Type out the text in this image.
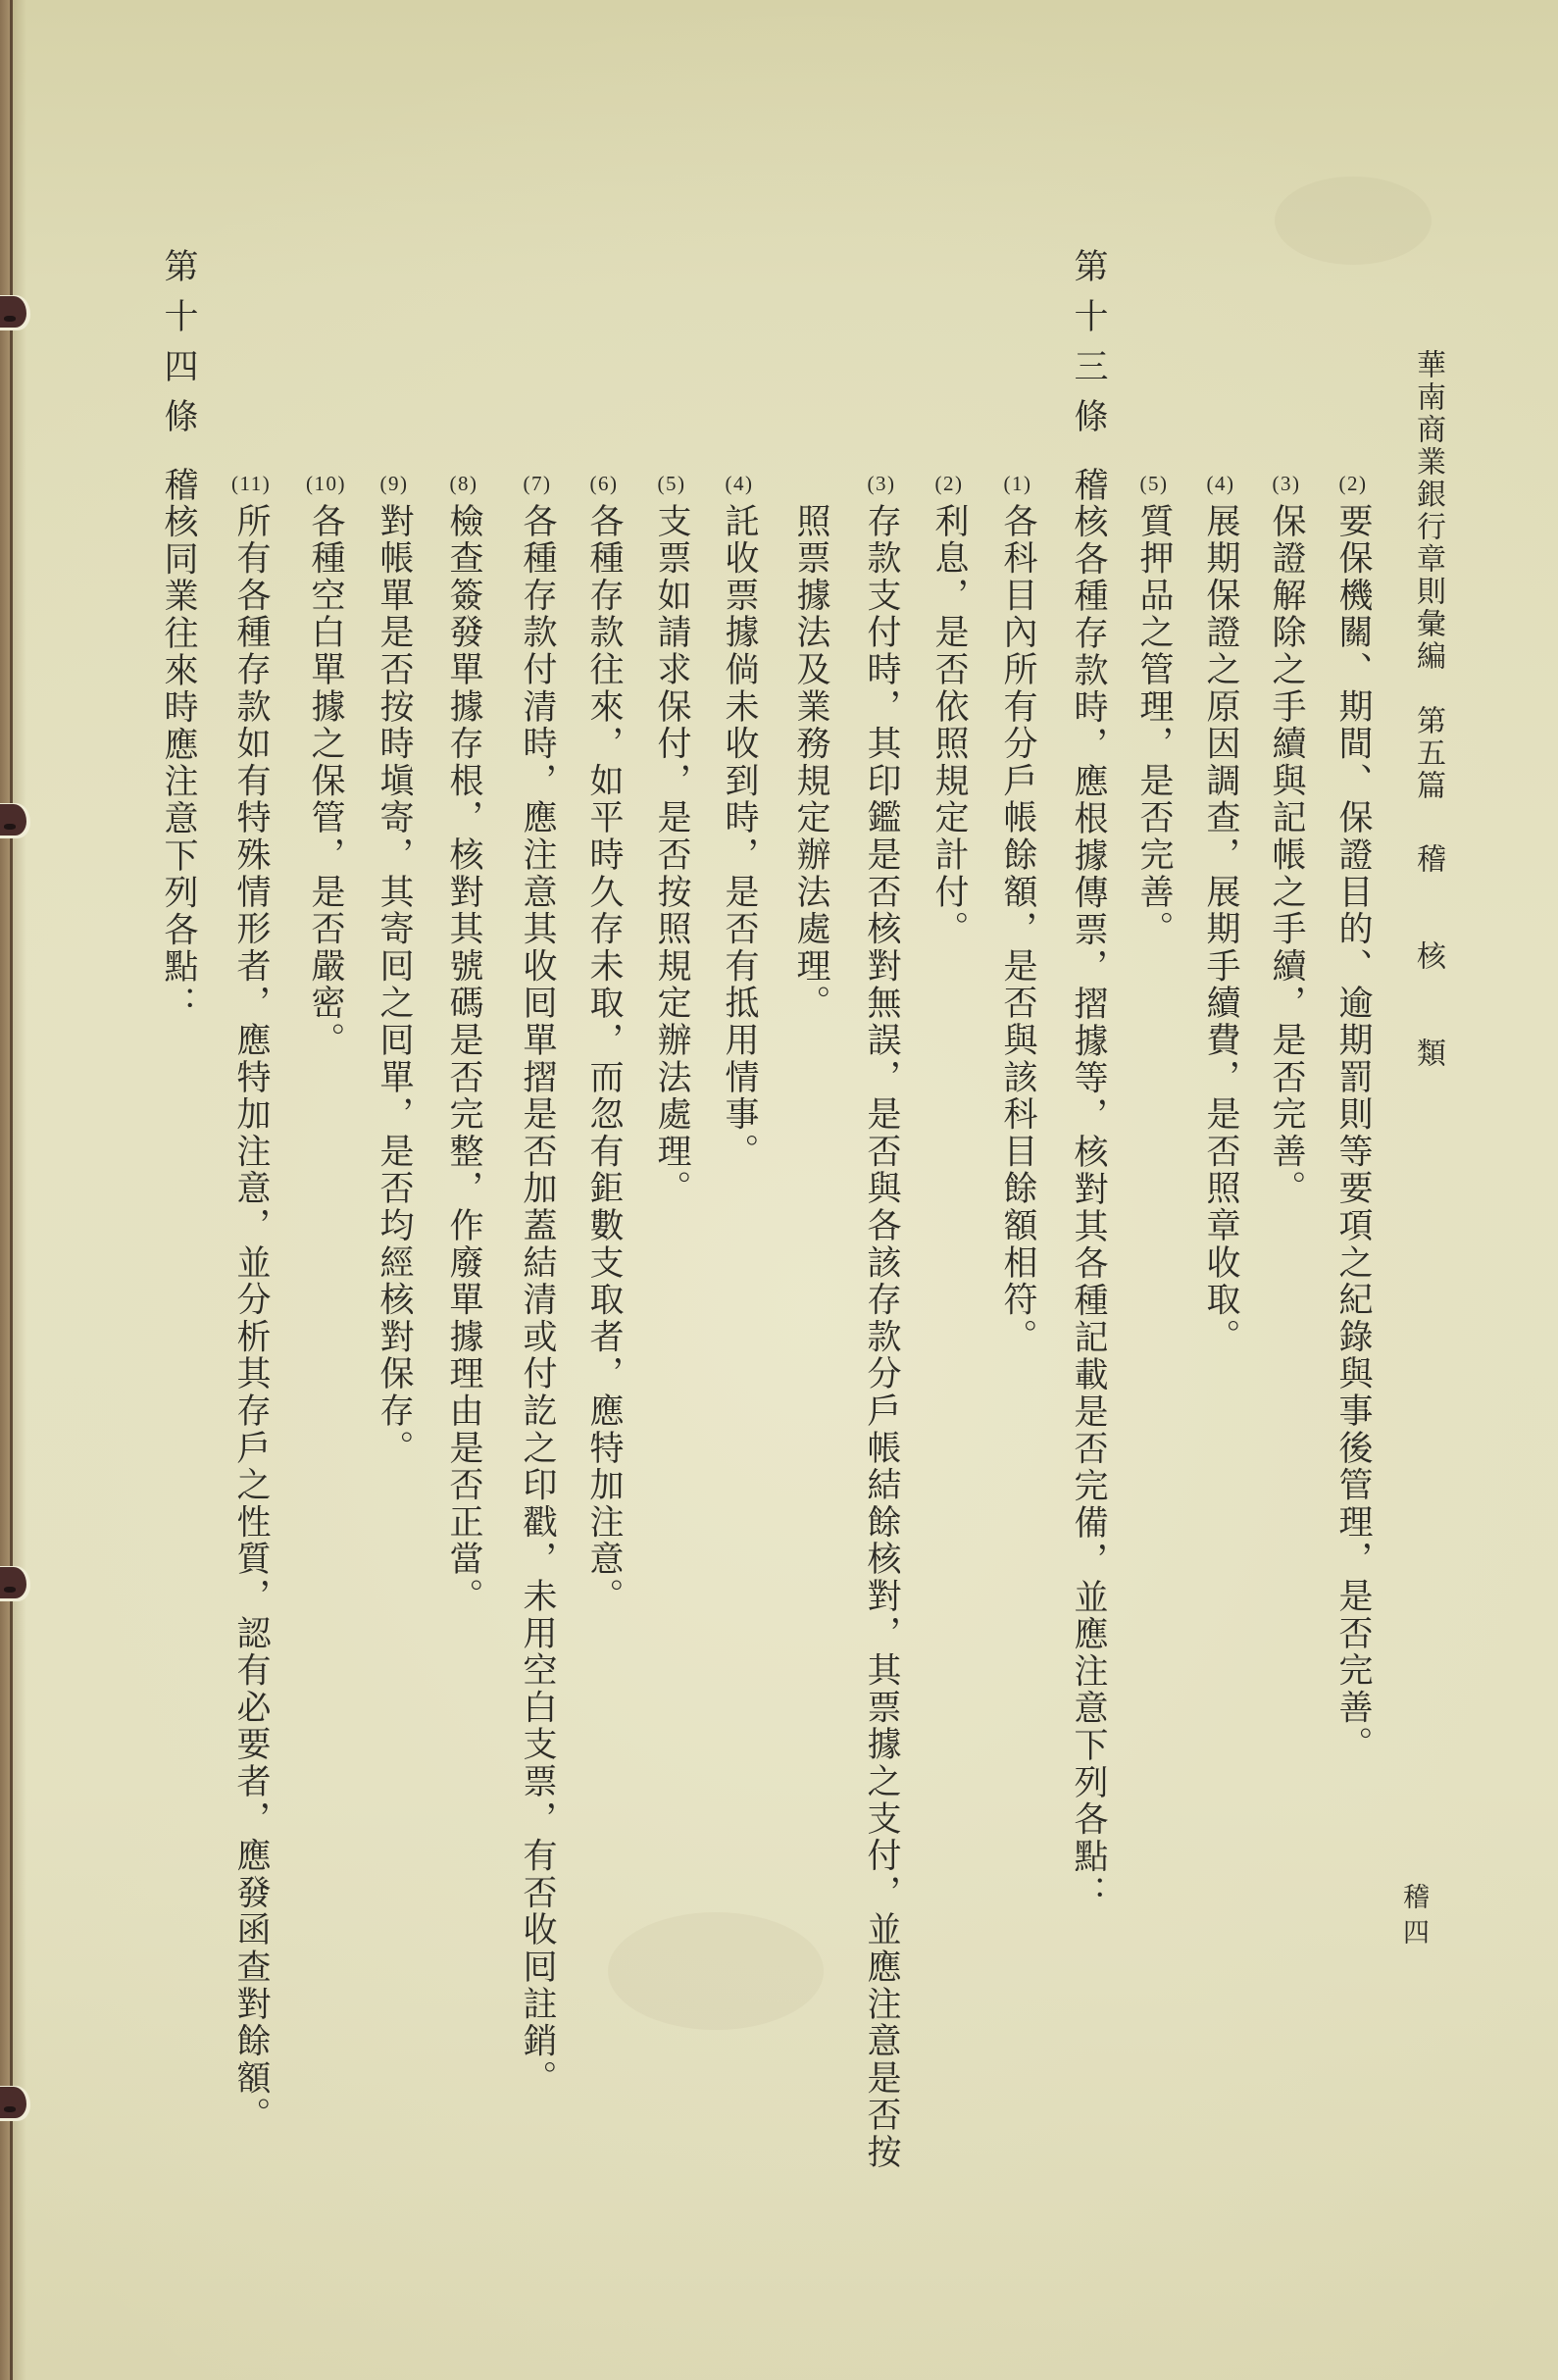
華南商業銀行章則彙編
第五篇
稽核類
稽四
(2)
要保機關、期間、保證目的、逾期罰則等要項之紀錄與事後管理，是否完善。
(3)
保證解除之手續與記帳之手續，是否完善。
(4)
展期保證之原因調查，展期手續費，是否照章收取。
(5)
質押品之管理，是否完善。
第十三條
稽核各種存款時，應根據傳票，摺據等，核對其各種記載是否完備，並應注意下列各點：
(1)
各科目內所有分戶帳餘額，是否與該科目餘額相符。
(2)
利息，是否依照規定計付。
(3)
存款支付時，其印鑑是否核對無誤，是否與各該存款分戶帳結餘核對，其票據之支付，並應注意是否按照票據法及業務規定辦法處理。
(4)
託收票據倘未收到時，是否有抵用情事。
(5)
支票如請求保付，是否按照規定辦法處理。
(6)
各種存款往來，如平時久存未取，而忽有鉅數支取者，應特加注意。
(7)
各種存款付清時，應注意其收囘單摺是否加蓋結清或付訖之印戳，未用空白支票，有否收囘註銷。
(8)
檢查簽發單據存根，核對其號碼是否完整，作廢單據理由是否正當。
(9)
對帳單是否按時塡寄，其寄囘之囘單，是否均經核對保存。
(10)
各種空白單據之保管，是否嚴密。
(11)
所有各種存款如有特殊情形者，應特加注意，並分析其存戶之性質，認有必要者，應發函查對餘額。
第十四條
稽核同業往來時應注意下列各點：
